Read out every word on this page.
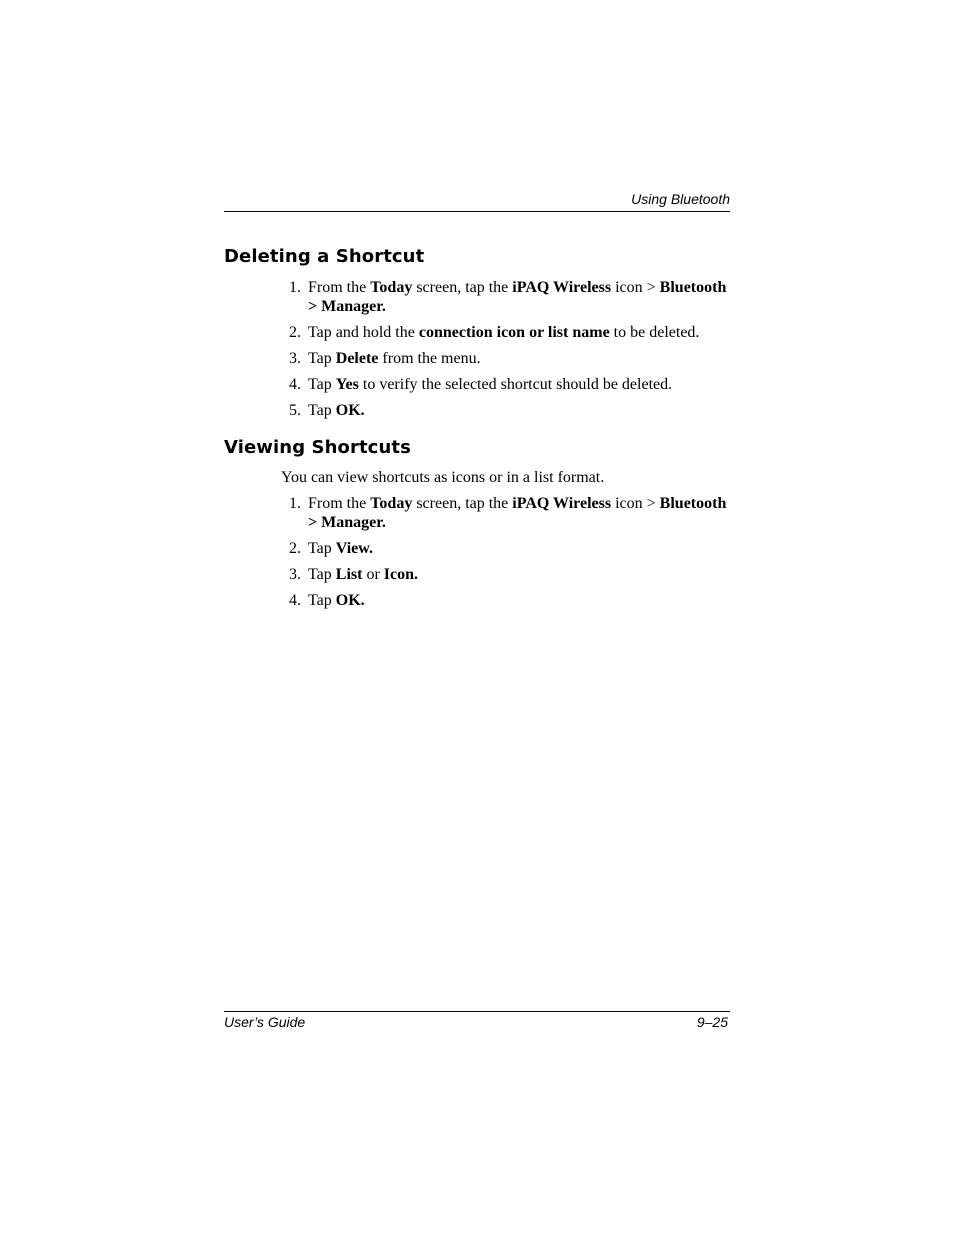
Using Bluetooth
Deleting a Shortcut
1. From the Today screen, tap the iPAQ Wireless icon > Bluetooth > Manager.
2. Tap and hold the connection icon or list name to be deleted.
3. Tap Delete from the menu.
4. Tap Yes to verify the selected shortcut should be deleted.
5. Tap OK.
Viewing Shortcuts

You can view shortcuts as icons or in a list format.

1. From the Today screen, tap the iPAQ Wireless icon > Bluetooth > Manager.
2. Tap View.
3. Tap List or Icon.
4. Tap OK.
User’s Guide	9–25
